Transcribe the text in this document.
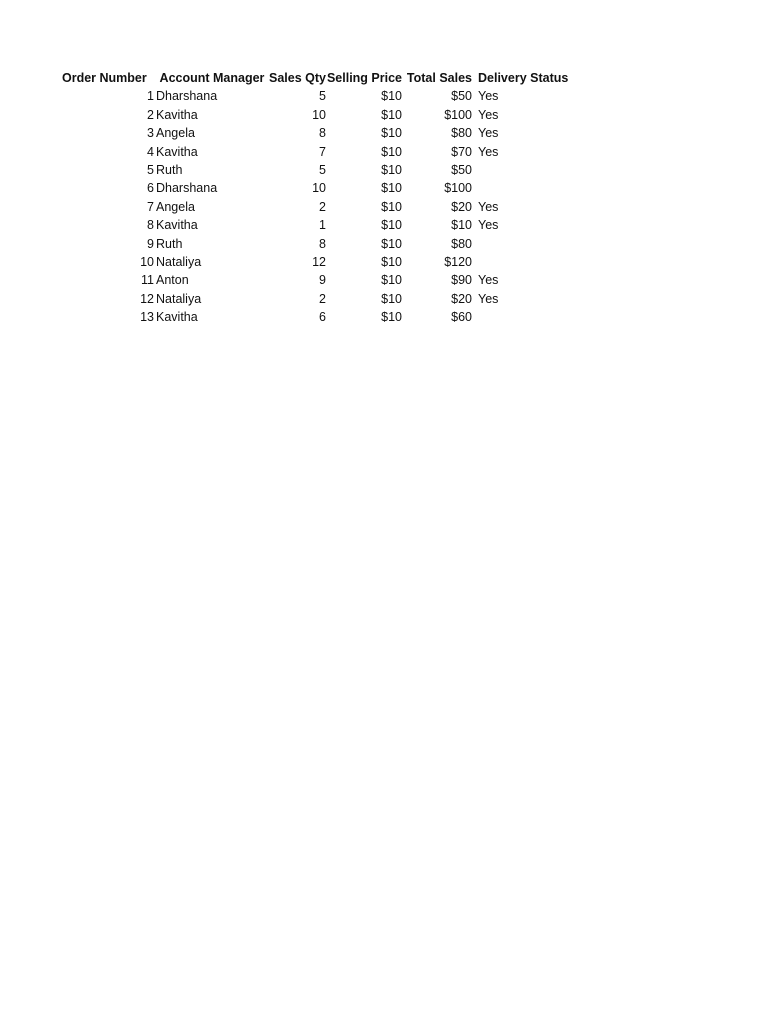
Order Number	Account Manager	Sales Qty	Selling Price	Total Sales	Delivery Status
1	Dharshana	5	$10	$50	Yes
2	Kavitha	10	$10	$100	Yes
3	Angela	8	$10	$80	Yes
4	Kavitha	7	$10	$70	Yes
5	Ruth	5	$10	$50	
6	Dharshana	10	$10	$100	
7	Angela	2	$10	$20	Yes
8	Kavitha	1	$10	$10	Yes
9	Ruth	8	$10	$80	
10	Nataliya	12	$10	$120	
11	Anton	9	$10	$90	Yes
12	Nataliya	2	$10	$20	Yes
13	Kavitha	6	$10	$60	
